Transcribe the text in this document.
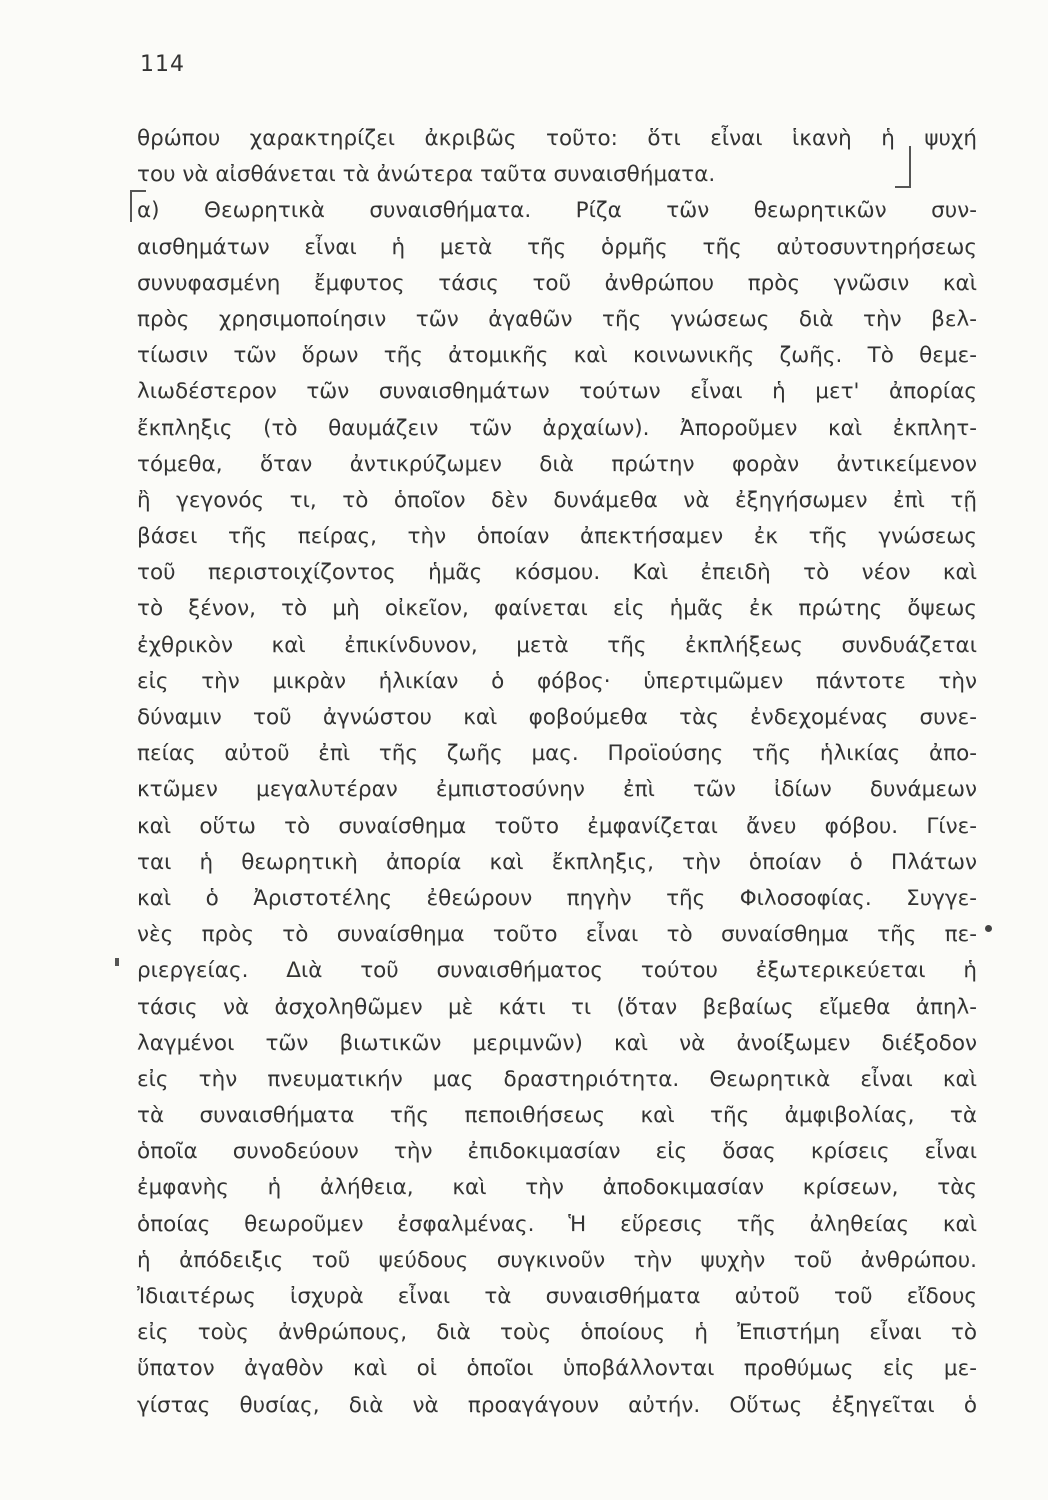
114
θρώπου χαρακτηρίζει ἀκριβῶς τοῦτο: ὅτι εἶναι ἱκανὴ ἡ ψυχή
του νὰ αἰσθάνεται τὰ ἀνώτερα ταῦτα συναισθήματα.
α) Θεωρητικὰ συναισθήματα. Ρίζα τῶν θεωρητικῶν συν-
αισθημάτων εἶναι ἡ μετὰ τῆς ὁρμῆς τῆς αὐτοσυντηρήσεως
συνυφασμένη ἔμφυτος τάσις τοῦ ἀνθρώπου πρὸς γνῶσιν καὶ
πρὸς χρησιμοποίησιν τῶν ἀγαθῶν τῆς γνώσεως διὰ τὴν βελ-
τίωσιν τῶν ὅρων τῆς ἀτομικῆς καὶ κοινωνικῆς ζωῆς. Τὸ θεμε-
λιωδέστερον τῶν συναισθημάτων τούτων εἶναι ἡ μετ' ἀπορίας
ἔκπληξις (τὸ θαυμάζειν τῶν ἀρχαίων). Ἀποροῦμεν καὶ ἐκπλητ-
τόμεθα, ὅταν ἀντικρύζωμεν διὰ πρώτην φορὰν ἀντικείμενον
ἢ γεγονός τι, τὸ ὁποῖον δὲν δυνάμεθα νὰ ἐξηγήσωμεν ἐπὶ τῇ
βάσει τῆς πείρας, τὴν ὁποίαν ἀπεκτήσαμεν ἐκ τῆς γνώσεως
τοῦ περιστοιχίζοντος ἡμᾶς κόσμου. Καὶ ἐπειδὴ τὸ νέον καὶ
τὸ ξένον, τὸ μὴ οἰκεῖον, φαίνεται εἰς ἡμᾶς ἐκ πρώτης ὄψεως
ἐχθρικὸν καὶ ἐπικίνδυνον, μετὰ τῆς ἐκπλήξεως συνδυάζεται
εἰς τὴν μικρὰν ἡλικίαν ὁ φόβος· ὑπερτιμῶμεν πάντοτε τὴν
δύναμιν τοῦ ἀγνώστου καὶ φοβούμεθα τὰς ἐνδεχομένας συνε-
πείας αὐτοῦ ἐπὶ τῆς ζωῆς μας. Προϊούσης τῆς ἡλικίας ἀπο-
κτῶμεν μεγαλυτέραν ἐμπιστοσύνην ἐπὶ τῶν ἰδίων δυνάμεων
καὶ οὕτω τὸ συναίσθημα τοῦτο ἐμφανίζεται ἄνευ φόβου. Γίνε-
ται ἡ θεωρητικὴ ἀπορία καὶ ἔκπληξις, τὴν ὁποίαν ὁ Πλάτων
καὶ ὁ Ἀριστοτέλης ἐθεώρουν πηγὴν τῆς Φιλοσοφίας. Συγγε-
νὲς πρὸς τὸ συναίσθημα τοῦτο εἶναι τὸ συναίσθημα τῆς πε-
ριεργείας. Διὰ τοῦ συναισθήματος τούτου ἐξωτερικεύεται ἡ
τάσις νὰ ἀσχοληθῶμεν μὲ κάτι τι (ὅταν βεβαίως εἴμεθα ἀπηλ-
λαγμένοι τῶν βιωτικῶν μεριμνῶν) καὶ νὰ ἀνοίξωμεν διέξοδον
εἰς τὴν πνευματικήν μας δραστηριότητα. Θεωρητικὰ εἶναι καὶ
τὰ συναισθήματα τῆς πεποιθήσεως καὶ τῆς ἀμφιβολίας, τὰ
ὁποῖα συνοδεύουν τὴν ἐπιδοκιμασίαν εἰς ὅσας κρίσεις εἶναι
ἐμφανὴς ἡ ἀλήθεια, καὶ τὴν ἀποδοκιμασίαν κρίσεων, τὰς
ὁποίας θεωροῦμεν ἐσφαλμένας. Ἡ εὕρεσις τῆς ἀληθείας καὶ
ἡ ἀπόδειξις τοῦ ψεύδους συγκινοῦν τὴν ψυχὴν τοῦ ἀνθρώπου.
Ἰδιαιτέρως ἰσχυρὰ εἶναι τὰ συναισθήματα αὐτοῦ τοῦ εἴδους
εἰς τοὺς ἀνθρώπους, διὰ τοὺς ὁποίους ἡ Ἐπιστήμη εἶναι τὸ
ὕπατον ἀγαθὸν καὶ οἱ ὁποῖοι ὑποβάλλονται προθύμως εἰς με-
γίστας θυσίας, διὰ νὰ προαγάγουν αὐτήν. Οὕτως ἐξηγεῖται ὁ
